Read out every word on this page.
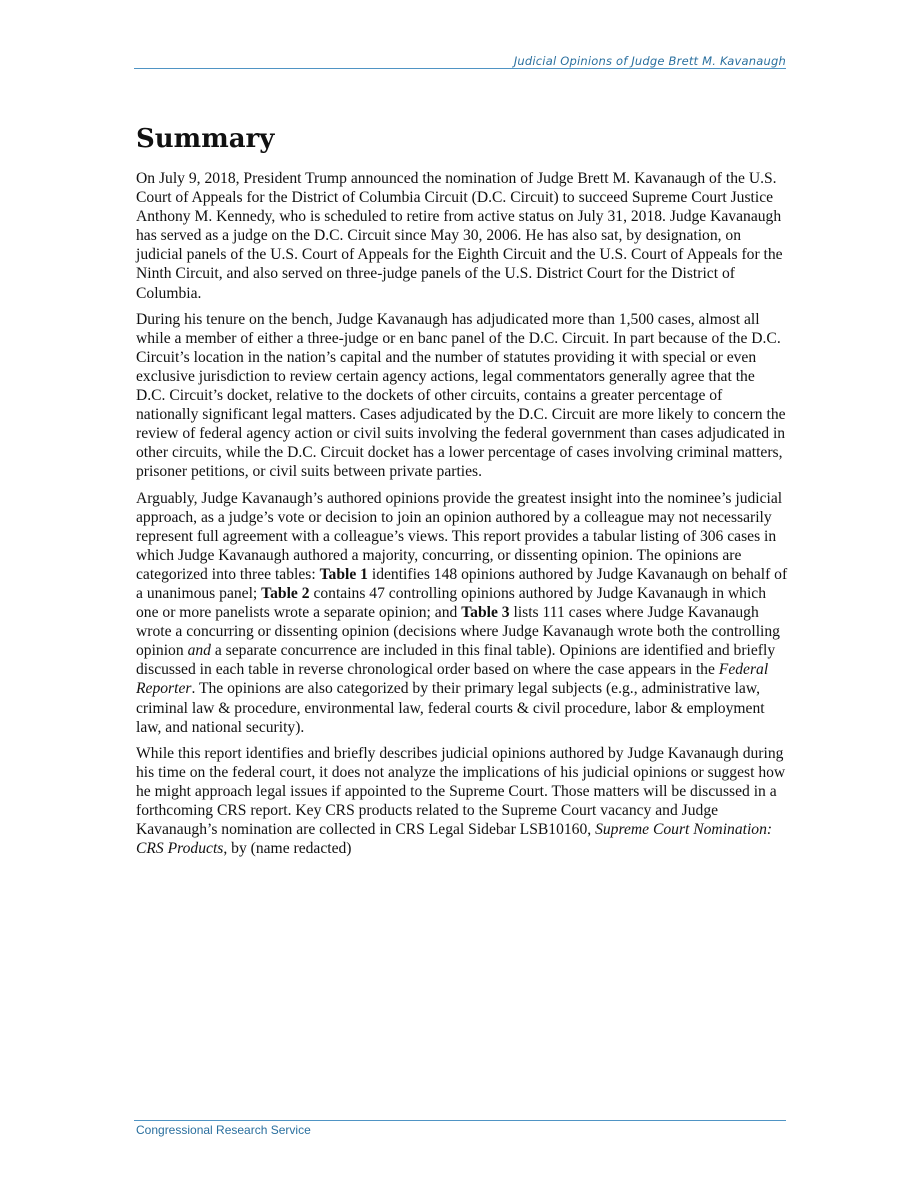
Judicial Opinions of Judge Brett M. Kavanaugh
Summary

On July 9, 2018, President Trump announced the nomination of Judge Brett M. Kavanaugh of the U.S. Court of Appeals for the District of Columbia Circuit (D.C. Circuit) to succeed Supreme Court Justice Anthony M. Kennedy, who is scheduled to retire from active status on July 31, 2018. Judge Kavanaugh has served as a judge on the D.C. Circuit since May 30, 2006. He has also sat, by designation, on judicial panels of the U.S. Court of Appeals for the Eighth Circuit and the U.S. Court of Appeals for the Ninth Circuit, and also served on three-judge panels of the U.S. District Court for the District of Columbia.

During his tenure on the bench, Judge Kavanaugh has adjudicated more than 1,500 cases, almost all while a member of either a three-judge or en banc panel of the D.C. Circuit. In part because of the D.C. Circuit’s location in the nation’s capital and the number of statutes providing it with special or even exclusive jurisdiction to review certain agency actions, legal commentators generally agree that the D.C. Circuit’s docket, relative to the dockets of other circuits, contains a greater percentage of nationally significant legal matters. Cases adjudicated by the D.C. Circuit are more likely to concern the review of federal agency action or civil suits involving the federal government than cases adjudicated in other circuits, while the D.C. Circuit docket has a lower percentage of cases involving criminal matters, prisoner petitions, or civil suits between private parties.

Arguably, Judge Kavanaugh’s authored opinions provide the greatest insight into the nominee’s judicial approach, as a judge’s vote or decision to join an opinion authored by a colleague may not necessarily represent full agreement with a colleague’s views. This report provides a tabular listing of 306 cases in which Judge Kavanaugh authored a majority, concurring, or dissenting opinion. The opinions are categorized into three tables: Table 1 identifies 148 opinions authored by Judge Kavanaugh on behalf of a unanimous panel; Table 2 contains 47 controlling opinions authored by Judge Kavanaugh in which one or more panelists wrote a separate opinion; and Table 3 lists 111 cases where Judge Kavanaugh wrote a concurring or dissenting opinion (decisions where Judge Kavanaugh wrote both the controlling opinion and a separate concurrence are included in this final table). Opinions are identified and briefly discussed in each table in reverse chronological order based on where the case appears in the Federal Reporter. The opinions are also categorized by their primary legal subjects (e.g., administrative law, criminal law & procedure, environmental law, federal courts & civil procedure, labor & employment law, and national security).

While this report identifies and briefly describes judicial opinions authored by Judge Kavanaugh during his time on the federal court, it does not analyze the implications of his judicial opinions or suggest how he might approach legal issues if appointed to the Supreme Court. Those matters will be discussed in a forthcoming CRS report. Key CRS products related to the Supreme Court vacancy and Judge Kavanaugh’s nomination are collected in CRS Legal Sidebar LSB10160, Supreme Court Nomination: CRS Products, by (name redacted)

Congressional Research Service
